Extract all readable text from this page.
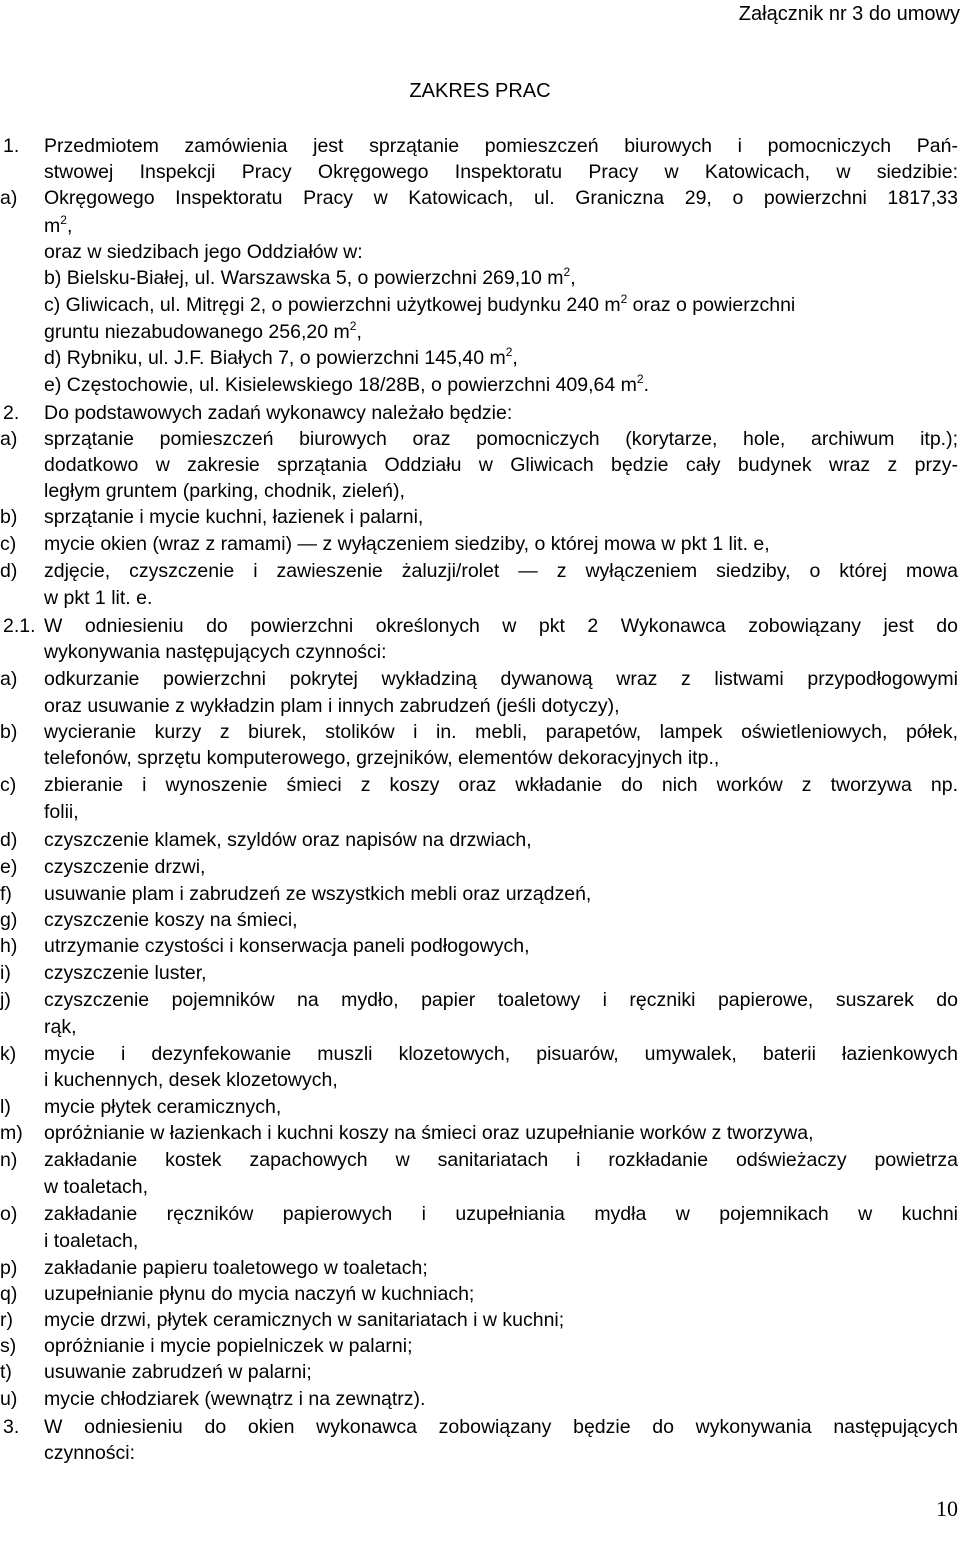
Załącznik nr 3 do umowy
ZAKRES PRAC
1. Przedmiotem zamówienia jest sprzątanie pomieszczeń biurowych i pomocniczych Pań-
stwowej Inspekcji Pracy Okręgowego Inspektoratu Pracy w Katowicach, w siedzibie:
a) Okręgowego Inspektoratu Pracy w Katowicach, ul. Graniczna 29, o powierzchni 1817,33
$m^2$,
oraz w siedzibach jego Oddziałów w:
b) Bielsku-Białej, ul. Warszawska 5, o powierzchni 269,10 $m^2$,
c) Gliwicach, ul. Mitręgi 2, o powierzchni użytkowej budynku 240 $m^2$ oraz o powierzchni
gruntu niezabudowanego 256,20 $m^2$,
d) Rybniku, ul. J.F. Białych 7, o powierzchni 145,40 $m^2$,
e) Częstochowie, ul. Kisielewskiego 18/28B, o powierzchni 409,64 $m^2$.
2. Do podstawowych zadań wykonawcy należało będzie:
a) sprzątanie pomieszczeń biurowych oraz pomocniczych (korytarze, hole, archiwum itp.);
dodatkowo w zakresie sprzątania Oddziału w Gliwicach będzie cały budynek wraz z przy-
ległym gruntem (parking, chodnik, zieleń),
b) sprzątanie i mycie kuchni, łazienek i palarni,
c) mycie okien (wraz z ramami) ― z wyłączeniem siedziby, o której mowa w pkt 1 lit. e,
d) zdjęcie, czyszczenie i zawieszenie żaluzji/rolet ― z wyłączeniem siedziby, o której mowa
w pkt 1 lit. e.
2.1. W odniesieniu do powierzchni określonych w pkt 2 Wykonawca zobowiązany jest do
wykonywania następujących czynności:
a) odkurzanie powierzchni pokrytej wykładziną dywanową wraz z listwami przypodłogowymi
oraz usuwanie z wykładzin plam i innych zabrudzeń (jeśli dotyczy),
b) wycieranie kurzy z biurek, stolików i in. mebli, parapetów, lampek oświetleniowych, półek,
telefonów, sprzętu komputerowego, grzejników, elementów dekoracyjnych itp.,
c) zbieranie i wynoszenie śmieci z koszy oraz wkładanie do nich worków z tworzywa np.
folii,
d) czyszczenie klamek, szyldów oraz napisów na drzwiach,
e) czyszczenie drzwi,
f) usuwanie plam i zabrudzeń ze wszystkich mebli oraz urządzeń,
g) czyszczenie koszy na śmieci,
h) utrzymanie czystości i konserwacja paneli podłogowych,
i) czyszczenie luster,
j) czyszczenie pojemników na mydło, papier toaletowy i ręczniki papierowe, suszarek do
rąk,
k) mycie i dezynfekowanie muszli klozetowych, pisuarów, umywalek, baterii łazienkowych
i kuchennych, desek klozetowych,
l) mycie płytek ceramicznych,
m) opróżnianie w łazienkach i kuchni koszy na śmieci oraz uzupełnianie worków z tworzywa,
n) zakładanie kostek zapachowych w sanitariatach i rozkładanie odświeżaczy powietrza
w toaletach,
o) zakładanie ręczników papierowych i uzupełniania mydła w pojemnikach w kuchni
i toaletach,
p) zakładanie papieru toaletowego w toaletach;
q) uzupełnianie płynu do mycia naczyń w kuchniach;
r) mycie drzwi, płytek ceramicznych w sanitariatach i w kuchni;
s) opróżnianie i mycie popielniczek w palarni;
t) usuwanie zabrudzeń w palarni;
u) mycie chłodziarek (wewnątrz i na zewnątrz).
3. W odniesieniu do okien wykonawca zobowiązany będzie do wykonywania następujących
czynności:
10
